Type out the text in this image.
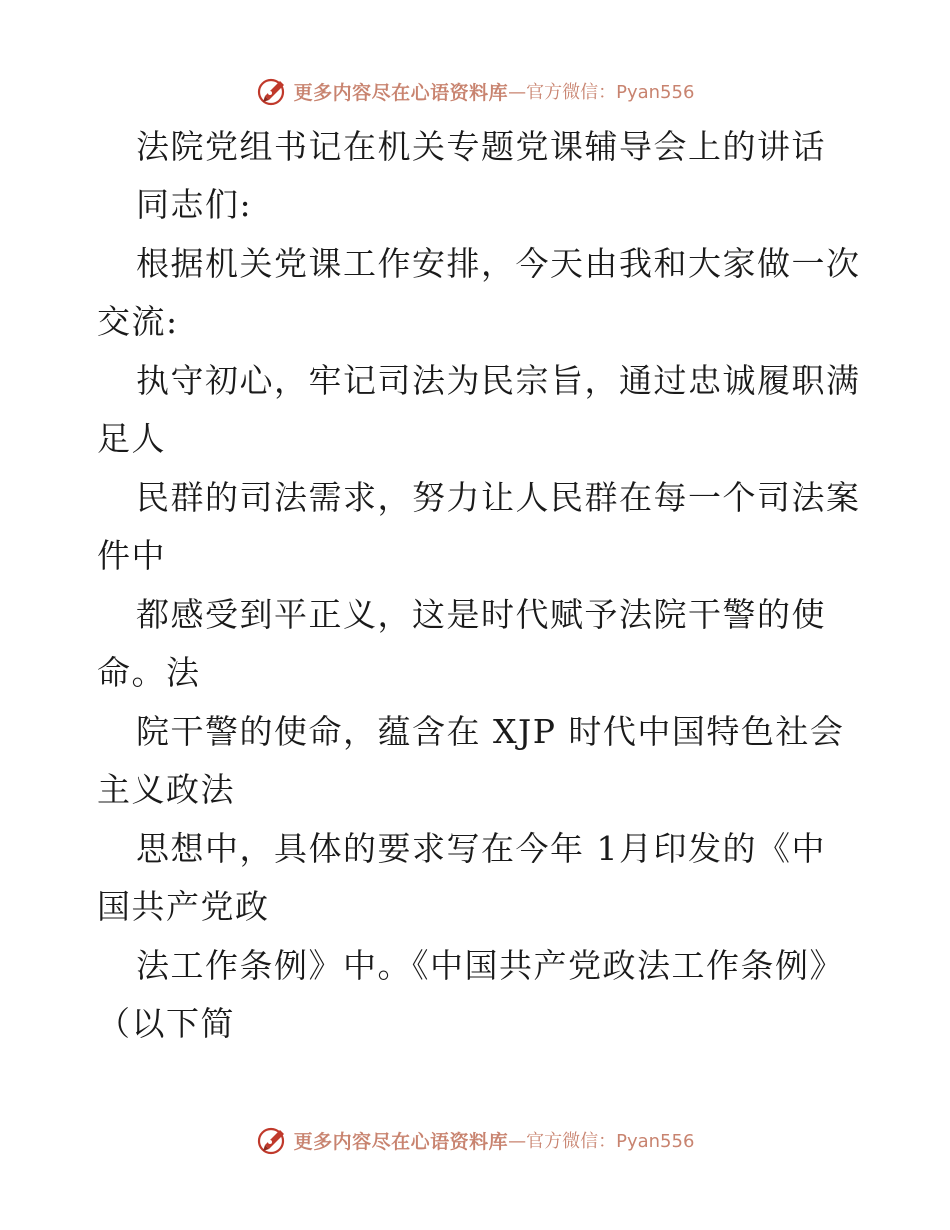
更多内容尽在心语资料库 —官方微信：Pyan556
法院党组书记在机关专题党课辅导会上的讲话
同志们:
根据机关党课工作安排，今天由我和大家做一次
交流:
执守初心，牢记司法为民宗旨，通过忠诚履职满
足人
民群的司法需求，努力让人民群在每一个司法案
件中
都感受到平正义，这是时代赋予法院干警的使
命。法
院干警的使命，蕴含在 XJP 时代中国特色社会
主义政法
思想中，具体的要求写在今年 1月印发的《中
国共产党政
法工作条例》中。《中国共产党政法工作条例》
（以下简
更多内容尽在心语资料库 —官方微信：Pyan556
